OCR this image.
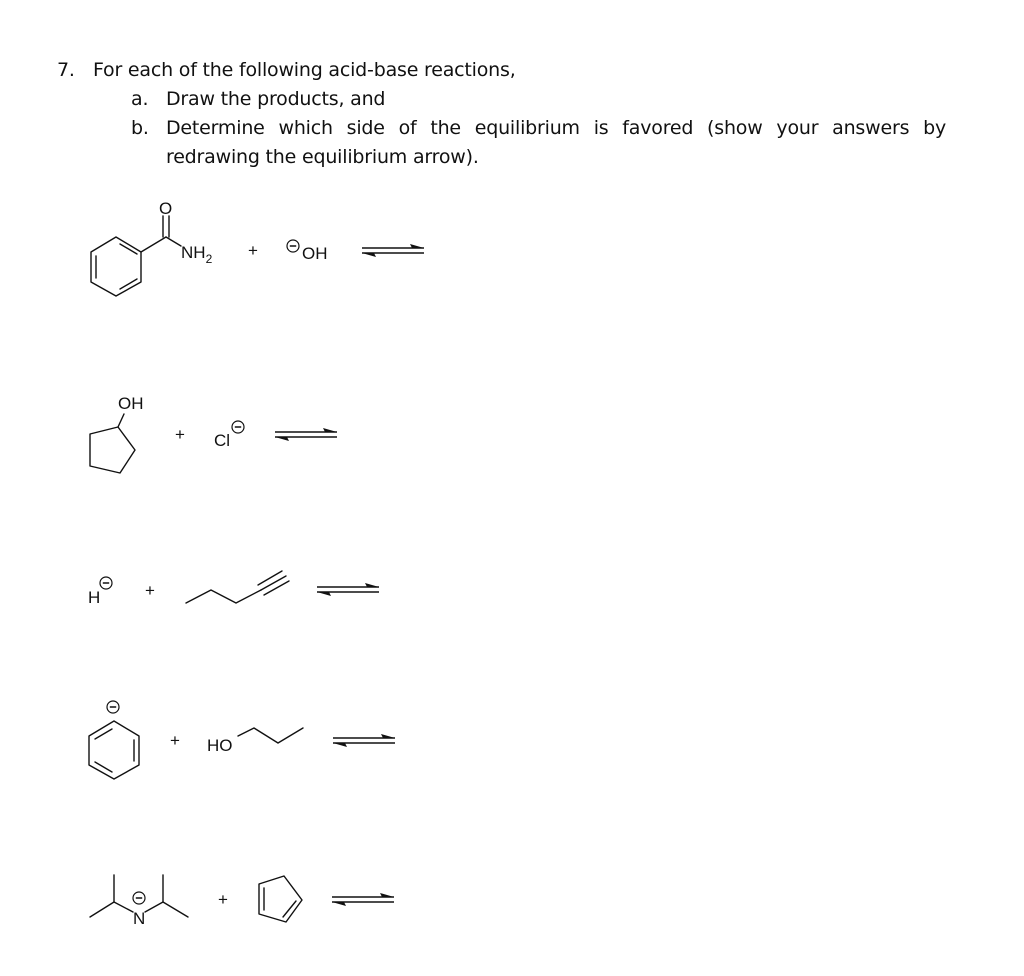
7. For each of the following acid-base reactions,
a. Draw the products, and
b. Determine which side of the equilibrium is favored (show your answers by
redrawing the equilibrium arrow).
O
$NH_2$ +	OH
OH
+ Cl
H	+
+ HO
N
+
